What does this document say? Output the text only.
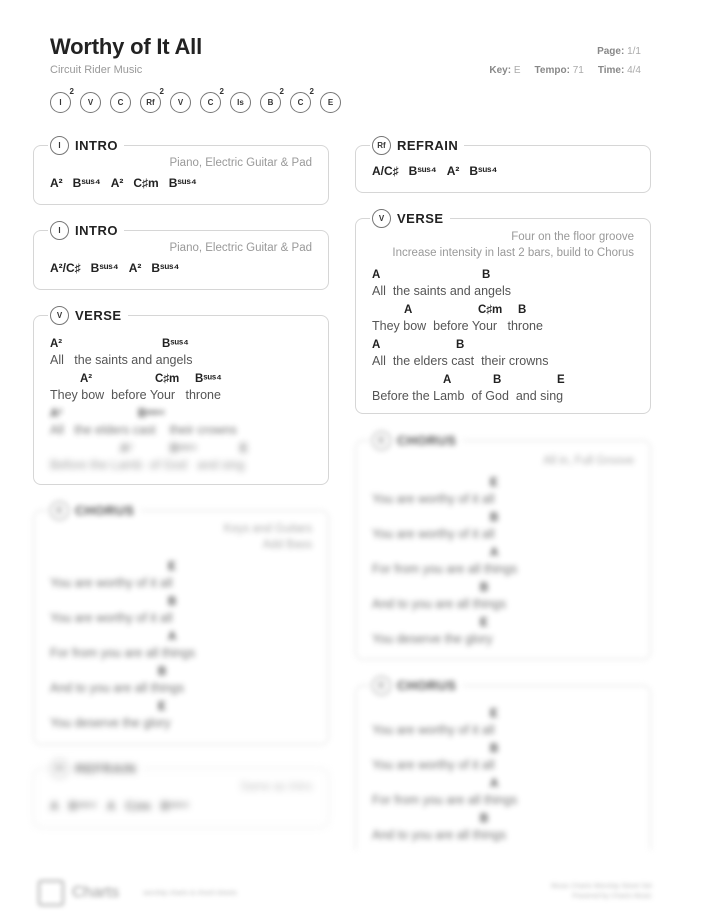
Worthy of It All
Circuit Rider Music
Page: 1/1
Key: E Tempo: 71 Time: 4/4
I
2
V	C	Rf
2
V	C
2
Is	B
2
C
2
E
I	INTRO
Piano, Electric Guitar & Pad
A² Bˢᵘˢ⁴ A² C♯m Bˢᵘˢ⁴
I	INTRO
Piano, Electric Guitar & Pad
A²/C♯ Bˢᵘˢ⁴ A² Bˢᵘˢ⁴
V VERSE
A²	Bˢᵘˢ⁴
All   the saints and angels
A²	C♯m Bˢᵘˢ⁴
They bow  before Your   throne
A²	Bˢᵘˢ⁴
All   the elders cast    their crowns
A²	Bˢᵘˢ⁴	E
Before the Lamb  of God   and sing
C CHORUS
Keys and Guitars
Add Bass
E
You are worthy of it all
B
You are worthy of it all
A
For from you are all things
B
And to you are all things
E
You deserve the glory
Rf REFRAIN
Same as Intro
A Bˢᵘˢ⁴ A C♯m Bˢᵘˢ⁴
Rf REFRAIN
A/C♯ Bˢᵘˢ⁴ A² Bˢᵘˢ⁴
V VERSE
Four on the floor groove
Increase intensity in last 2 bars, build to Chorus
A	B
All  the saints and angels
A	C♯m B
They bow  before Your   throne
A	B
All  the elders cast  their crowns
A	B	E
Before the Lamb  of God  and sing
C CHORUS
All in, Full Groove
E
You are worthy of it all
B
You are worthy of it all
A
For from you are all things
B
And to you are all things
E
You deserve the glory
C CHORUS
E
You are worthy of it all
B
You are worthy of it all
A
For from you are all things
B
And to you are all things
Charts	worship charts & chord sheets
Music Charts Worship Sheet Set
Powered by Charts Music
